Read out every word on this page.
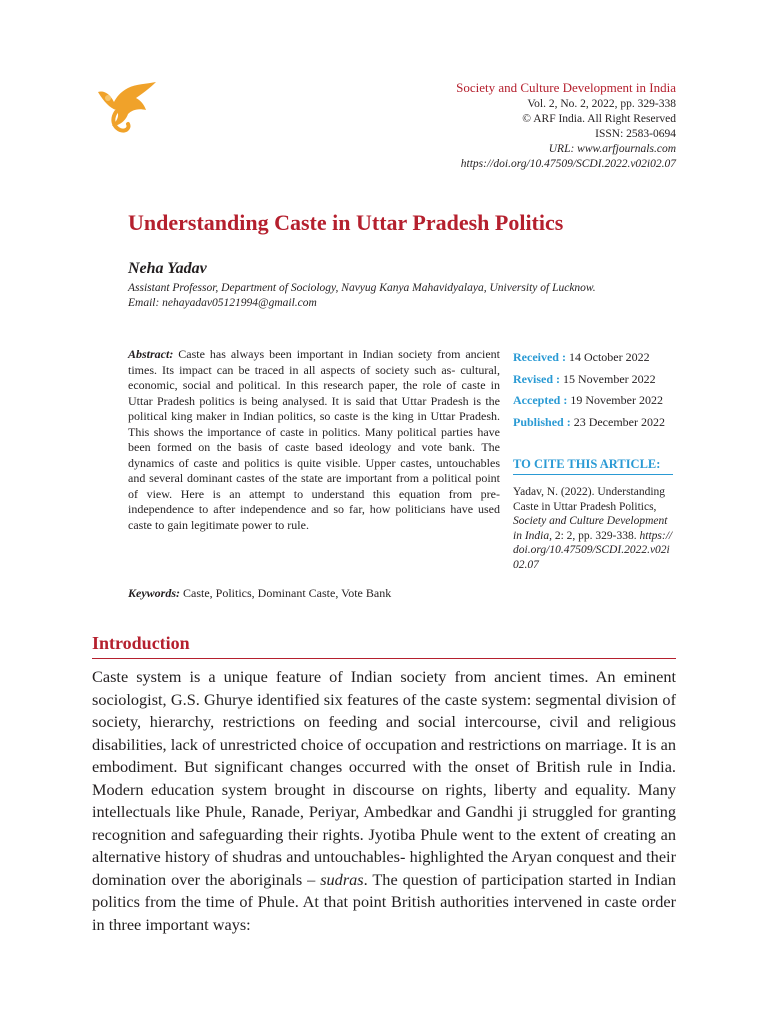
Society and Culture Development in India
Vol. 2, No. 2, 2022, pp. 329-338
© ARF India. All Right Reserved
ISSN: 2583-0694
URL: www.arfjournals.com
https://doi.org/10.47509/SCDI.2022.v02i02.07
Understanding Caste in Uttar Pradesh Politics

Neha Yadav

Assistant Professor, Department of Sociology, Navyug Kanya Mahavidyalaya, University of Lucknow.
Email: nehayadav05121994@gmail.com
Abstract: Caste has always been important in Indian society from ancient times. Its impact can be traced in all aspects of society such as- cultural, economic, social and political. In this research paper, the role of caste in Uttar Pradesh politics is being analysed. It is said that Uttar Pradesh is the political king maker in Indian politics, so caste is the king in Uttar Pradesh. This shows the importance of caste in politics. Many political parties have been formed on the basis of caste based ideology and vote bank. The dynamics of caste and politics is quite visible. Upper castes, untouchables and several dominant castes of the state are important from a political point of view. Here is an attempt to understand this equation from pre-independence to after independence and so far, how politicians have used caste to gain legitimate power to rule.
Keywords: Caste, Politics, Dominant Caste, Vote Bank
Received : 14 October 2022
Revised : 15 November 2022
Accepted : 19 November 2022
Published : 23 December 2022
TO CITE THIS ARTICLE:
Yadav, N. (2022). Understanding Caste in Uttar Pradesh Politics, Society and Culture Development in India, 2: 2, pp. 329-338. https://doi.org/10.47509/SCDI.2022.v02i02.07
Introduction
Caste system is a unique feature of Indian society from ancient times. An eminent sociologist, G.S. Ghurye identified six features of the caste system: segmental division of society, hierarchy, restrictions on feeding and social intercourse, civil and religious disabilities, lack of unrestricted choice of occupation and restrictions on marriage. It is an embodiment. But significant changes occurred with the onset of British rule in India. Modern education system brought in discourse on rights, liberty and equality. Many intellectuals like Phule, Ranade, Periyar, Ambedkar and Gandhi ji struggled for granting recognition and safeguarding their rights. Jyotiba Phule went to the extent of creating an alternative history of shudras and untouchables- highlighted the Aryan conquest and their domination over the aboriginals – sudras. The question of participation started in Indian politics from the time of Phule. At that point British authorities intervened in caste order in three important ways:
